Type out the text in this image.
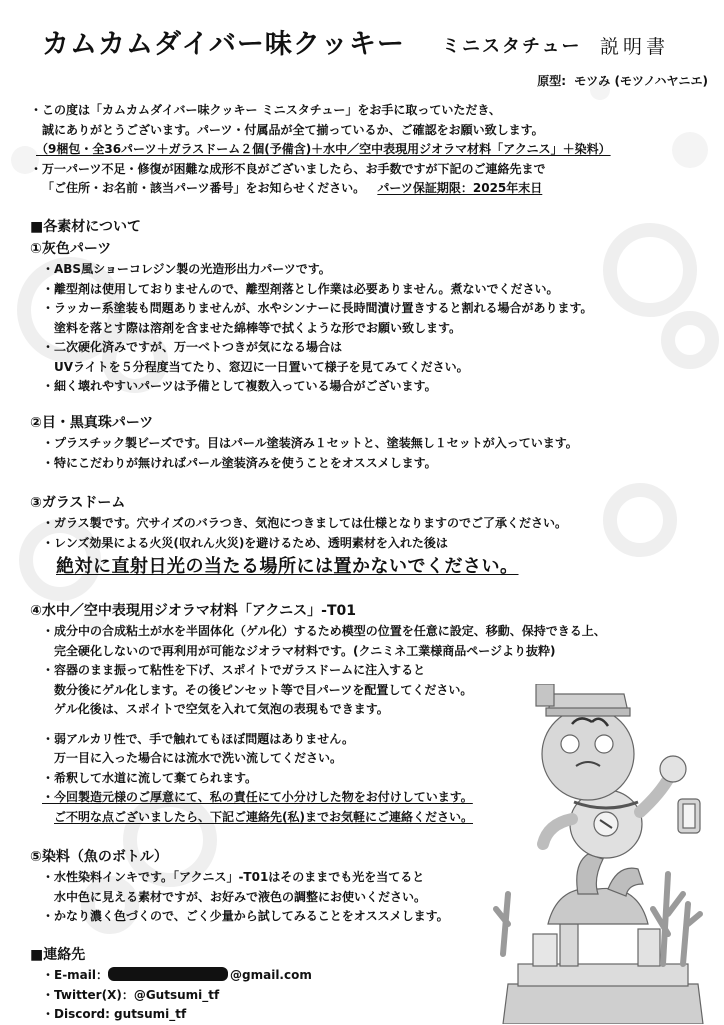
カムカムダイバー味クッキー ミニスタチュー 説明書
原型: モツみ (モツノハヤニエ)
・この度は「カムカムダイバー味クッキー ミニスタチュー」をお手に取っていただき、
誠にありがとうございます。パーツ・付属品が全て揃っているか、ご確認をお願い致します。
（9梱包・全36パーツ＋ガラスドーム２個(予備含)＋水中／空中表現用ジオラマ材料「アクニス」＋染料）
・万一パーツ不足・修復が困難な成形不良がございましたら、お手数ですが下記のご連絡先まで
「ご住所・お名前・該当パーツ番号」をお知らせください。 パーツ保証期限：2025年末日
■各素材について
①灰色パーツ
・ABS風ショーコレジン製の光造形出力パーツです。
・離型剤は使用しておりませんので、離型剤落とし作業は必要ありません。煮ないでください。
・ラッカー系塗装も問題ありませんが、水やシンナーに長時間漬け置きすると割れる場合があります。
塗料を落とす際は溶剤を含ませた綿棒等で拭くような形でお願い致します。
・二次硬化済みですが、万一ベトつきが気になる場合は
UVライトを５分程度当てたり、窓辺に一日置いて様子を見てみてください。
・細く壊れやすいパーツは予備として複数入っている場合がございます。
②目・黒真珠パーツ
・プラスチック製ビーズです。目はパール塗装済み１セットと、塗装無し１セットが入っています。
・特にこだわりが無ければパール塗装済みを使うことをオススメします。
③ガラスドーム
・ガラス製です。穴サイズのバラつき、気泡につきましては仕様となりますのでご了承ください。
・レンズ効果による火災(収れん火災)を避けるため、透明素材を入れた後は
絶対に直射日光の当たる場所には置かないでください。
④水中／空中表現用ジオラマ材料「アクニス」-T01
・成分中の合成粘土が水を半固体化（ゲル化）するため模型の位置を任意に設定、移動、保持できる上、
完全硬化しないので再利用が可能なジオラマ材料です。(クニミネ工業様商品ページより抜粋)
・容器のまま振って粘性を下げ、スポイトでガラスドームに注入すると
数分後にゲル化します。その後ピンセット等で目パーツを配置してください。
ゲル化後は、スポイトで空気を入れて気泡の表現もできます。
・弱アルカリ性で、手で触れてもほぼ問題はありません。
万一目に入った場合には流水で洗い流してください。
・希釈して水道に流して棄てられます。
・今回製造元様のご厚意にて、私の責任にて小分けした物をお付けしています。
ご不明な点ございましたら、下記ご連絡先(私)までお気軽にご連絡ください。
⑤染料（魚のボトル）
・水性染料インキです。「アクニス」-T01はそのままでも光を当てると
水中色に見える素材ですが、お好みで液色の調整にお使いください。
・かなり濃く色づくので、ごく少量から試してみることをオススメします。
■連絡先
・E-mail：	@gmail.com
・Twitter(X)：@Gutsumi_tf
・Discord: gutsumi_tf
